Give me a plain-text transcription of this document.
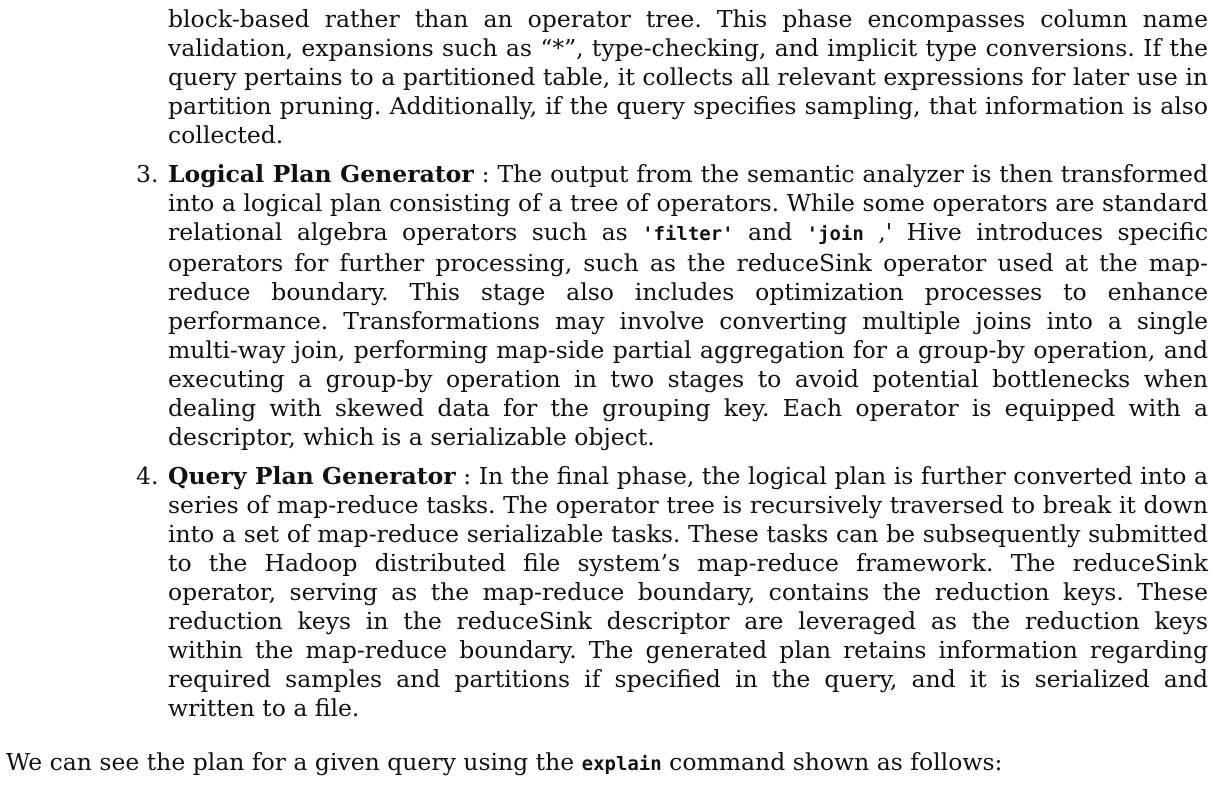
block-based rather than an operator tree. This phase encompasses column name validation, expansions such as “*”, type-checking, and implicit type conversions. If the query pertains to a partitioned table, it collects all relevant expressions for later use in partition pruning. Additionally, if the query specifies sampling, that information is also collected.

3. Logical Plan Generator : The output from the semantic analyzer is then transformed into a logical plan consisting of a tree of operators. While some operators are standard relational algebra operators such as 'filter' and 'join ,' Hive introduces specific operators for further processing, such as the reduceSink operator used at the map-reduce boundary. This stage also includes optimization processes to enhance performance. Transformations may involve converting multiple joins into a single multi-way join, performing map-side partial aggregation for a group-by operation, and executing a group-by operation in two stages to avoid potential bottlenecks when dealing with skewed data for the grouping key. Each operator is equipped with a descriptor, which is a serializable object.
4. Query Plan Generator : In the final phase, the logical plan is further converted into a series of map-reduce tasks. The operator tree is recursively traversed to break it down into a set of map-reduce serializable tasks. These tasks can be subsequently submitted to the Hadoop distributed file system’s map-reduce framework. The reduceSink operator, serving as the map-reduce boundary, contains the reduction keys. These reduction keys in the reduceSink descriptor are leveraged as the reduction keys within the map-reduce boundary. The generated plan retains information regarding required samples and partitions if specified in the query, and it is serialized and written to a file.

We can see the plan for a given query using the explain command shown as follows:
